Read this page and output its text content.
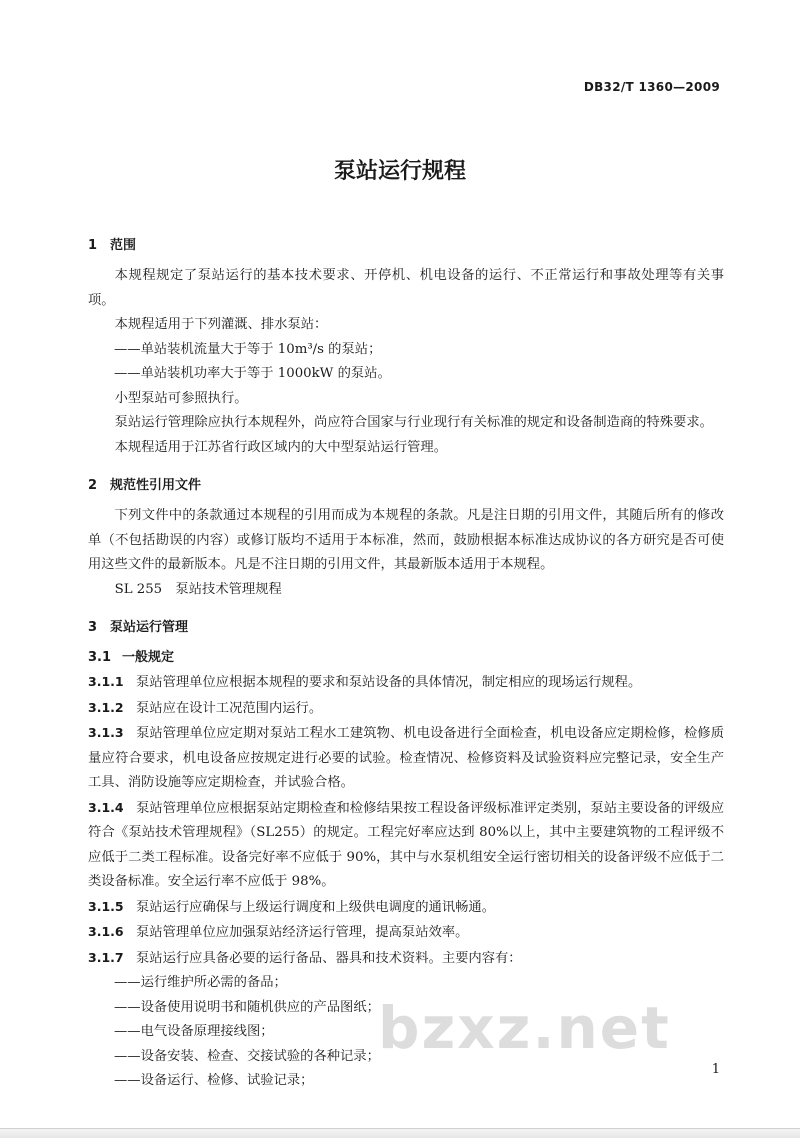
DB32/T 1360—2009
泵站运行规程
1 范围

本规程规定了泵站运行的基本技术要求、开停机、机电设备的运行、不正常运行和事故处理等有关事项。

本规程适用于下列灌溉、排水泵站：

——单站装机流量大于等于 10m³/s 的泵站；
——单站装机功率大于等于 1000kW 的泵站。

小型泵站可参照执行。

泵站运行管理除应执行本规程外，尚应符合国家与行业现行有关标准的规定和设备制造商的特殊要求。

本规程适用于江苏省行政区域内的大中型泵站运行管理。

2 规范性引用文件

下列文件中的条款通过本规程的引用而成为本规程的条款。凡是注日期的引用文件，其随后所有的修改单（不包括勘误的内容）或修订版均不适用于本标准，然而，鼓励根据本标准达成协议的各方研究是否可使用这些文件的最新版本。凡是不注日期的引用文件，其最新版本适用于本规程。

SL 255　泵站技术管理规程

3 泵站运行管理
3.1 一般规定
3.1.1 泵站管理单位应根据本规程的要求和泵站设备的具体情况，制定相应的现场运行规程。
3.1.2 泵站应在设计工况范围内运行。
3.1.3 泵站管理单位应定期对泵站工程水工建筑物、机电设备进行全面检查，机电设备应定期检修，检修质量应符合要求，机电设备应按规定进行必要的试验。检查情况、检修资料及试验资料应完整记录，安全生产工具、消防设施等应定期检查，并试验合格。
3.1.4 泵站管理单位应根据泵站定期检查和检修结果按工程设备评级标准评定类别，泵站主要设备的评级应符合《泵站技术管理规程》（SL255）的规定。工程完好率应达到 80%以上，其中主要建筑物的工程评级不应低于二类工程标准。设备完好率不应低于 90%，其中与水泵机组安全运行密切相关的设备评级不应低于二类设备标准。安全运行率不应低于 98%。
3.1.5 泵站运行应确保与上级运行调度和上级供电调度的通讯畅通。
3.1.6 泵站管理单位应加强泵站经济运行管理，提高泵站效率。
3.1.7 泵站运行应具备必要的运行备品、器具和技术资料。主要内容有：
——运行维护所必需的备品；
——设备使用说明书和随机供应的产品图纸；
——电气设备原理接线图；
——设备安装、检查、交接试验的各种记录；
——设备运行、检修、试验记录；
bzxz.net
1
